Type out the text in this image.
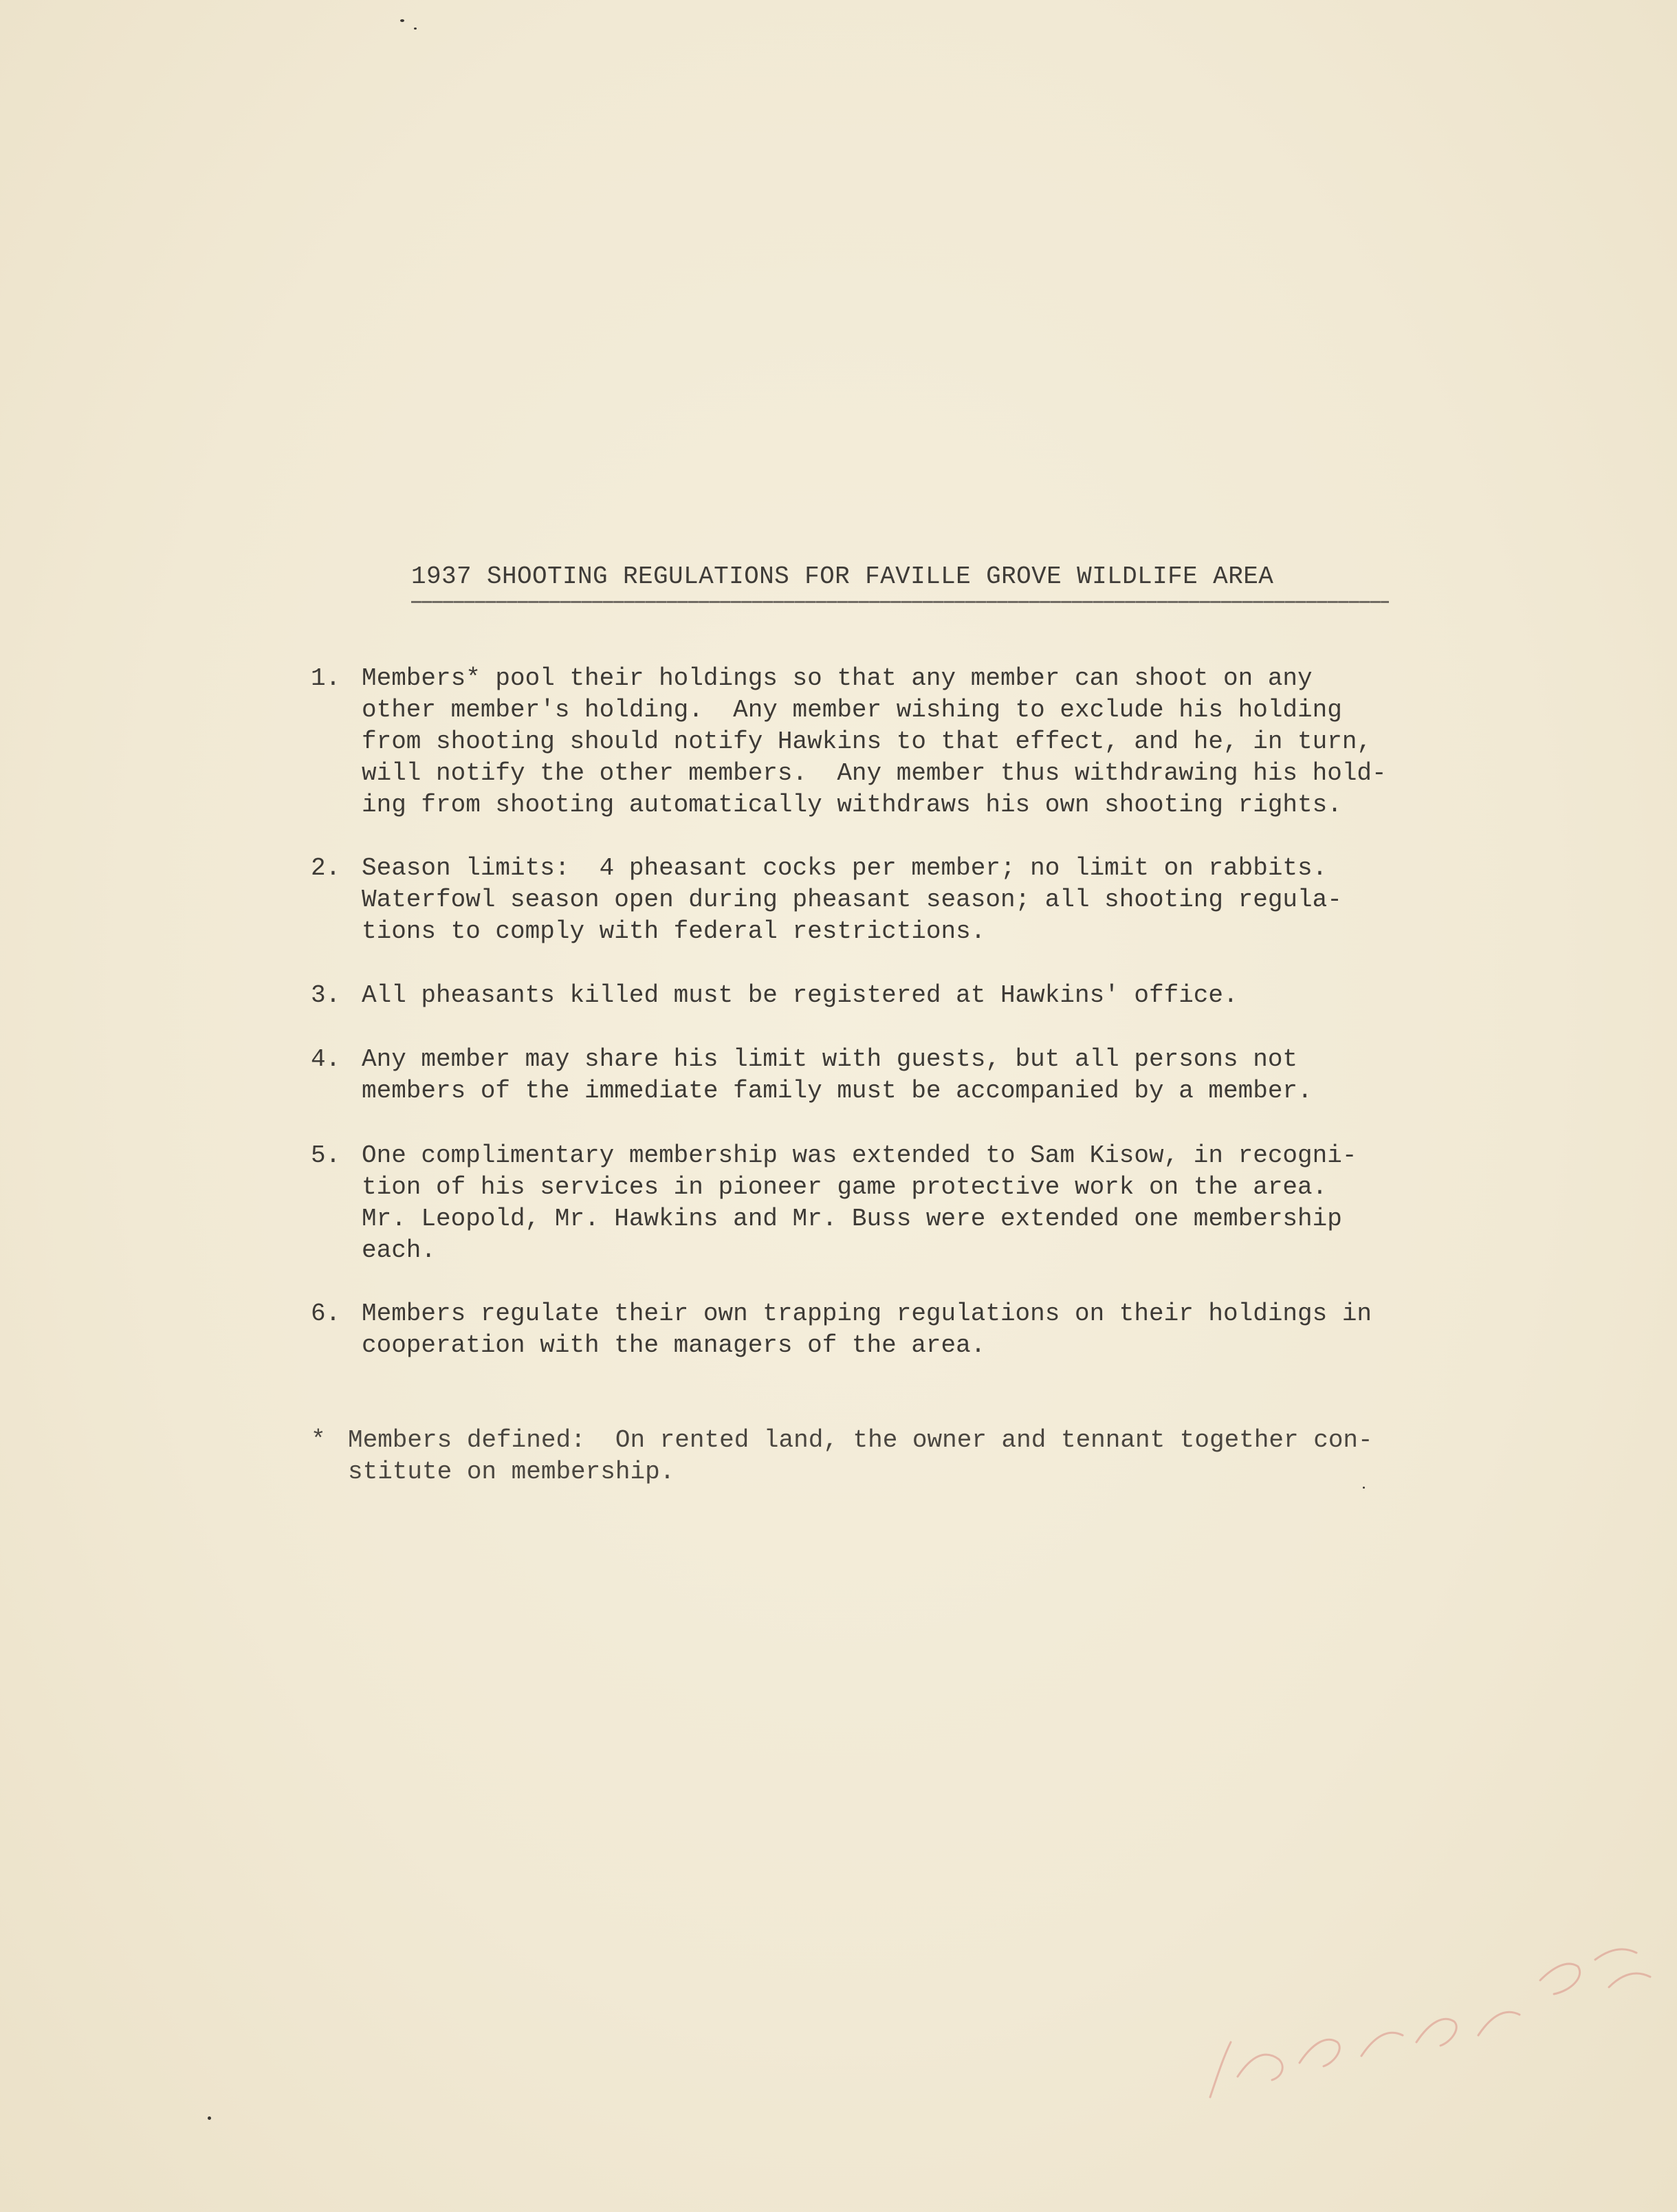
1937 SHOOTING REGULATIONS FOR FAVILLE GROVE WILDLIFE AREA
1. Members* pool their holdings so that any member can shoot on any
other member's holding.  Any member wishing to exclude his holding
from shooting should notify Hawkins to that effect, and he, in turn,
will notify the other members.  Any member thus withdrawing his hold-
ing from shooting automatically withdraws his own shooting rights.
2. Season limits:  4 pheasant cocks per member; no limit on rabbits.
Waterfowl season open during pheasant season; all shooting regula-
tions to comply with federal restrictions.
3. All pheasants killed must be registered at Hawkins' office.
4. Any member may share his limit with guests, but all persons not
members of the immediate family must be accompanied by a member.
5. One complimentary membership was extended to Sam Kisow, in recogni-
tion of his services in pioneer game protective work on the area.
Mr. Leopold, Mr. Hawkins and Mr. Buss were extended one membership
each.
6. Members regulate their own trapping regulations on their holdings in
cooperation with the managers of the area.
* Members defined:  On rented land, the owner and tennant together con-
stitute on membership.
